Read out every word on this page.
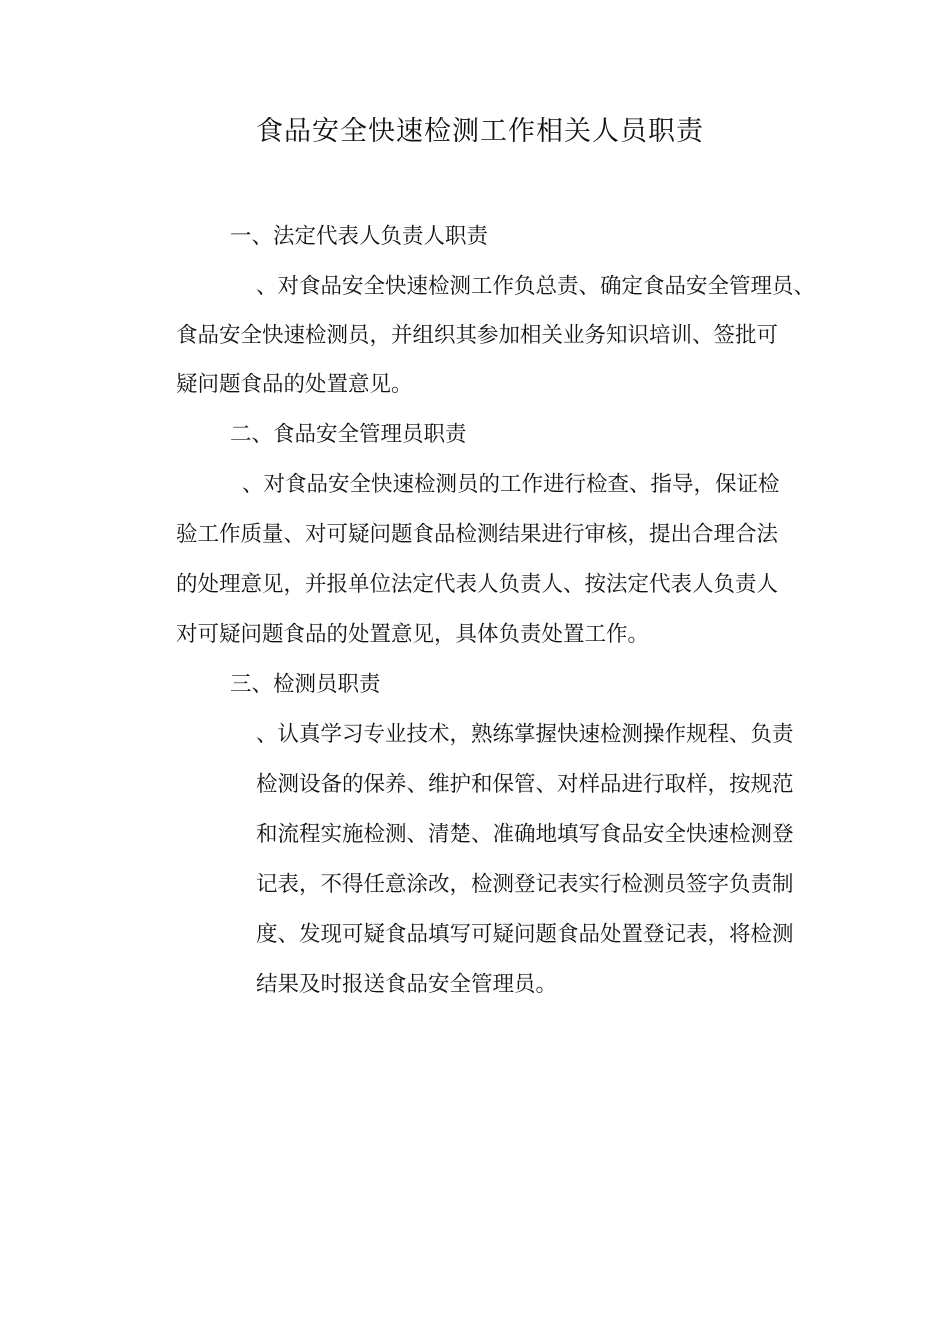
食品安全快速检测工作相关人员职责
一、法定代表人负责人职责

、对食品安全快速检测工作负总责、确定食品安全管理员、

食品安全快速检测员，并组织其参加相关业务知识培训、签批可

疑问题食品的处置意见。

二、食品安全管理员职责

、对食品安全快速检测员的工作进行检查、指导，保证检

验工作质量、对可疑问题食品检测结果进行审核，提出合理合法

的处理意见，并报单位法定代表人负责人、按法定代表人负责人

对可疑问题食品的处置意见，具体负责处置工作。

三、检测员职责

、认真学习专业技术，熟练掌握快速检测操作规程、负责

检测设备的保养、维护和保管、对样品进行取样，按规范

和流程实施检测、清楚、准确地填写食品安全快速检测登

记表，不得任意涂改，检测登记表实行检测员签字负责制

度、发现可疑食品填写可疑问题食品处置登记表，将检测

结果及时报送食品安全管理员。
